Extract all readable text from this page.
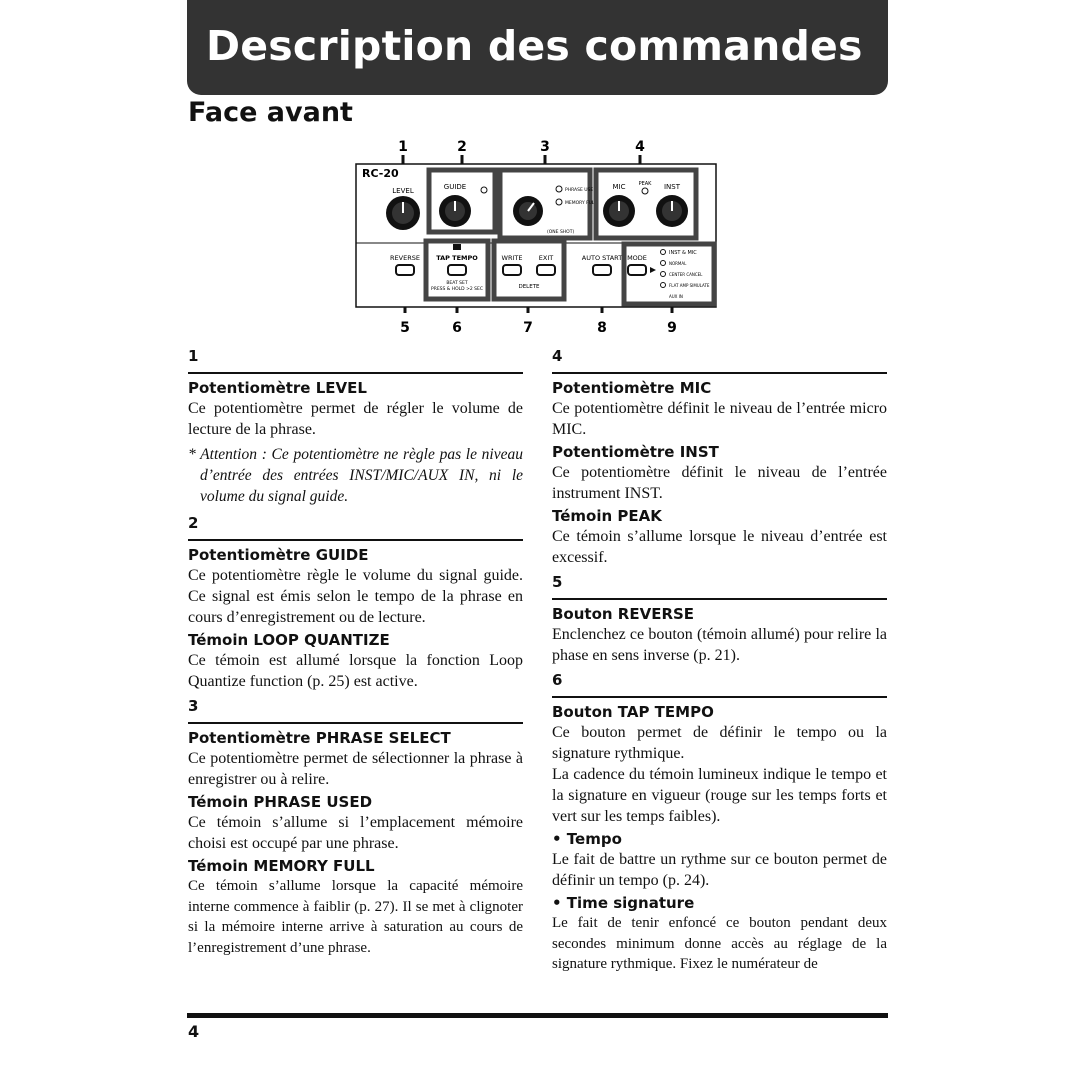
Description des commandes
Face avant
1	2	3	4
5	6	7	8	9
RC-20
LEVEL	GUIDE	PHRASE USED
MEMORY FULL
(ONE SHOT)
MIC	PEAK INST
REVERSE TAP TEMPO
BEAT SET
PRESS & HOLD >2 SEC
WRITE	EXIT
DELETE
AUTO START MODE
INST & MIC
NORMAL
CENTER CANCEL
FLAT AMP SIMULATE
AUX IN
1
Potentiomètre LEVEL

Ce potentiomètre permet de régler le volume de lecture de la phrase.

* Attention : Ce potentiomètre ne règle pas le niveau d’entrée des entrées INST/MIC/AUX IN, ni le volume du signal guide.

2
Potentiomètre GUIDE

Ce potentiomètre règle le volume du signal guide. Ce signal est émis selon le tempo de la phrase en cours d’enregistrement ou de lecture.

Témoin LOOP QUANTIZE

Ce témoin est allumé lorsque la fonction Loop Quantize function (p. 25) est active.

3
Potentiomètre PHRASE SELECT

Ce potentiomètre permet de sélectionner la phrase à enregistrer ou à relire.

Témoin PHRASE USED

Ce témoin s’allume si l’emplacement mémoire choisi est occupé par une phrase.

Témoin MEMORY FULL

Ce témoin s’allume lorsque la capacité mémoire interne commence à faiblir (p. 27). Il se met à clignoter si la mémoire interne arrive à saturation au cours de l’enregistrement d’une phrase.

4
Potentiomètre MIC

Ce potentiomètre définit le niveau de l’entrée micro MIC.

Potentiomètre INST

Ce potentiomètre définit le niveau de l’entrée instrument INST.

Témoin PEAK

Ce témoin s’allume lorsque le niveau d’entrée est excessif.

5
Bouton REVERSE

Enclenchez ce bouton (témoin allumé) pour relire la phase en sens inverse (p. 21).

6
Bouton TAP TEMPO

Ce bouton permet de définir le tempo ou la signature rythmique.

La cadence du témoin lumineux indique le tempo et la signature en vigueur (rouge sur les temps forts et vert sur les temps faibles).

• Tempo

Le fait de battre un rythme sur ce bouton permet de définir un tempo (p. 24).

• Time signature

Le fait de tenir enfoncé ce bouton pendant deux secondes minimum donne accès au réglage de la signature rythmique. Fixez le numérateur de

4
